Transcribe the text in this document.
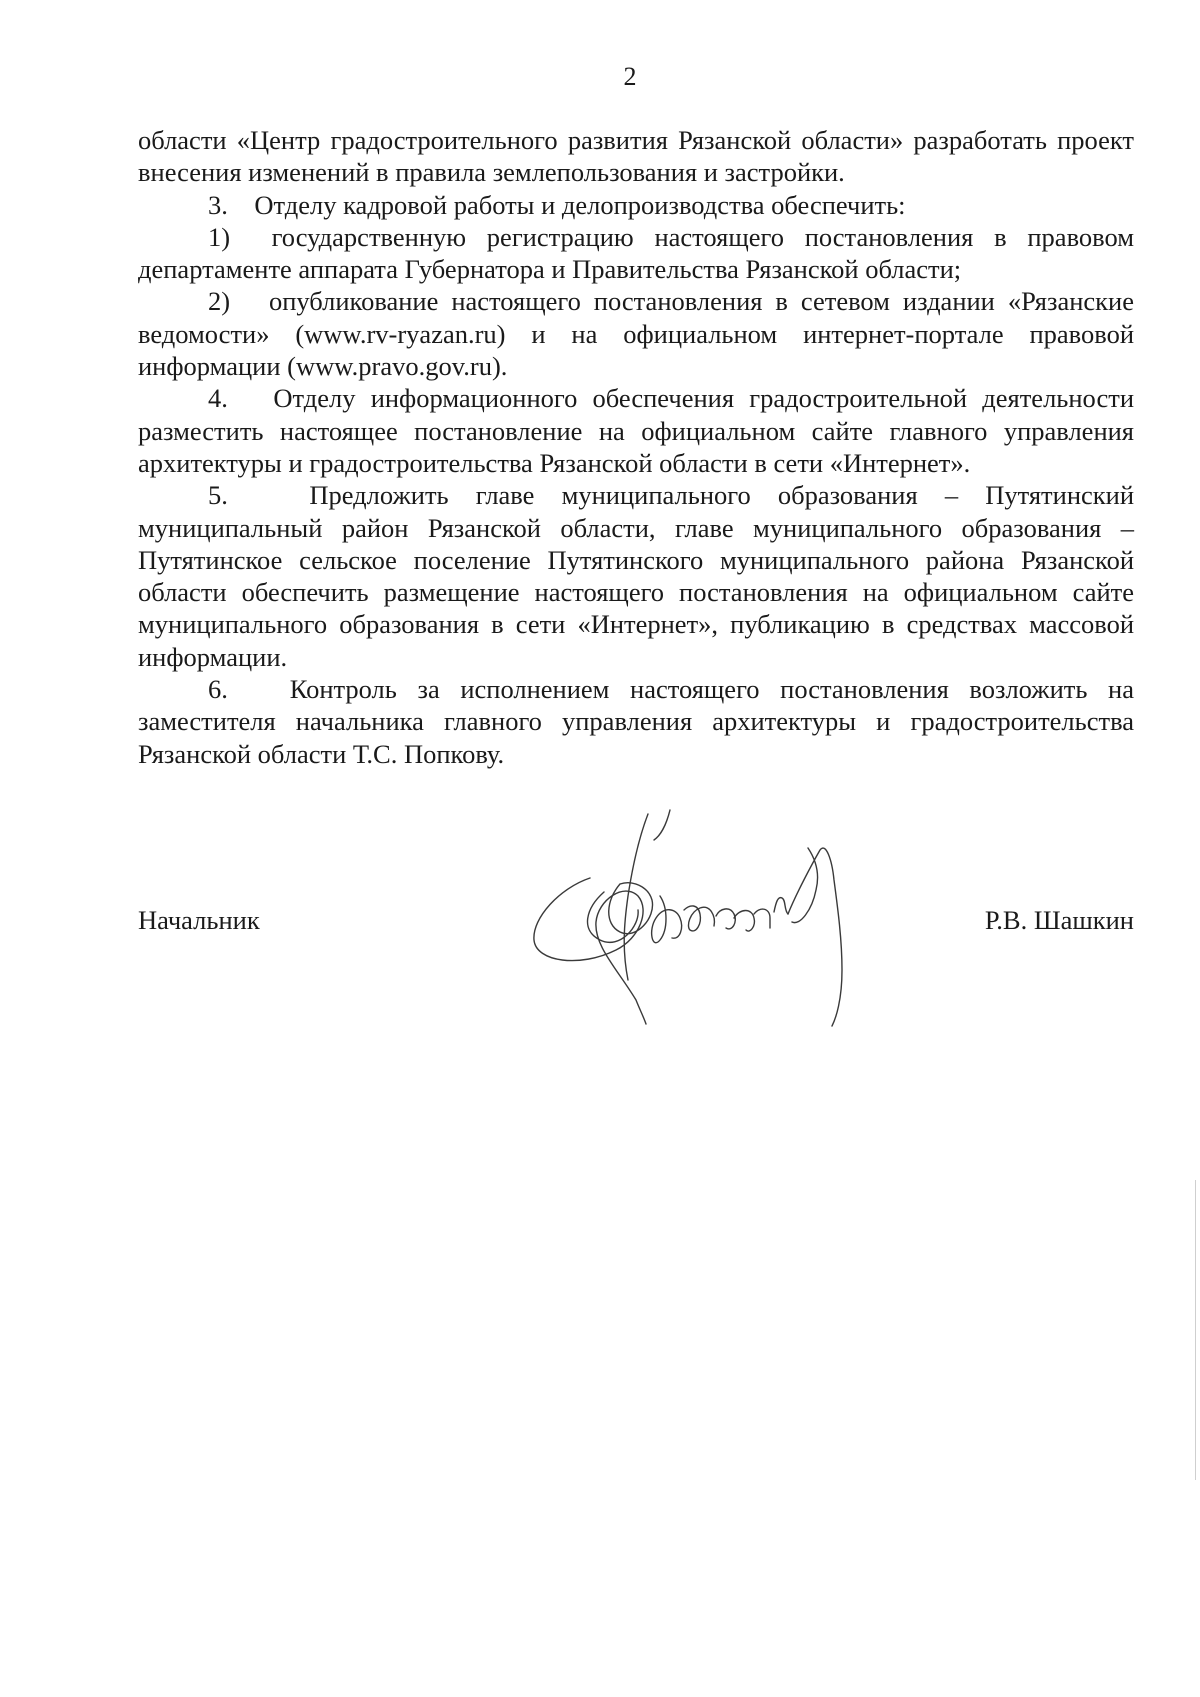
2

области «Центр градостроительного развития Рязанской области» разработать проект внесения изменений в правила землепользования и застройки.

3.    Отделу кадровой работы и делопроизводства обеспечить:

1)  государственную регистрацию настоящего постановления в правовом департаменте аппарата Губернатора и Правительства Рязанской области;

2)   опубликование настоящего постановления в сетевом издании «Рязанские ведомости» (www.rv-ryazan.ru) и на официальном интернет-портале правовой информации (www.pravo.gov.ru).

4.   Отделу информационного обеспечения градостроительной деятельности разместить настоящее постановление на официальном сайте главного управления архитектуры и градостроительства Рязанской области в сети «Интернет».

5.   Предложить главе муниципального образования – Путятинский муниципальный район Рязанской области, главе муниципального образования – Путятинское сельское поселение Путятинского муниципального района Рязанской области обеспечить размещение настоящего постановления на официальном сайте муниципального образования в сети «Интернет», публикацию в средствах массовой информации.

6.   Контроль за исполнением настоящего постановления возложить на заместителя начальника главного управления архитектуры и градостроительства Рязанской области Т.С. Попкову.

Начальник	Р.В. Шашкин
